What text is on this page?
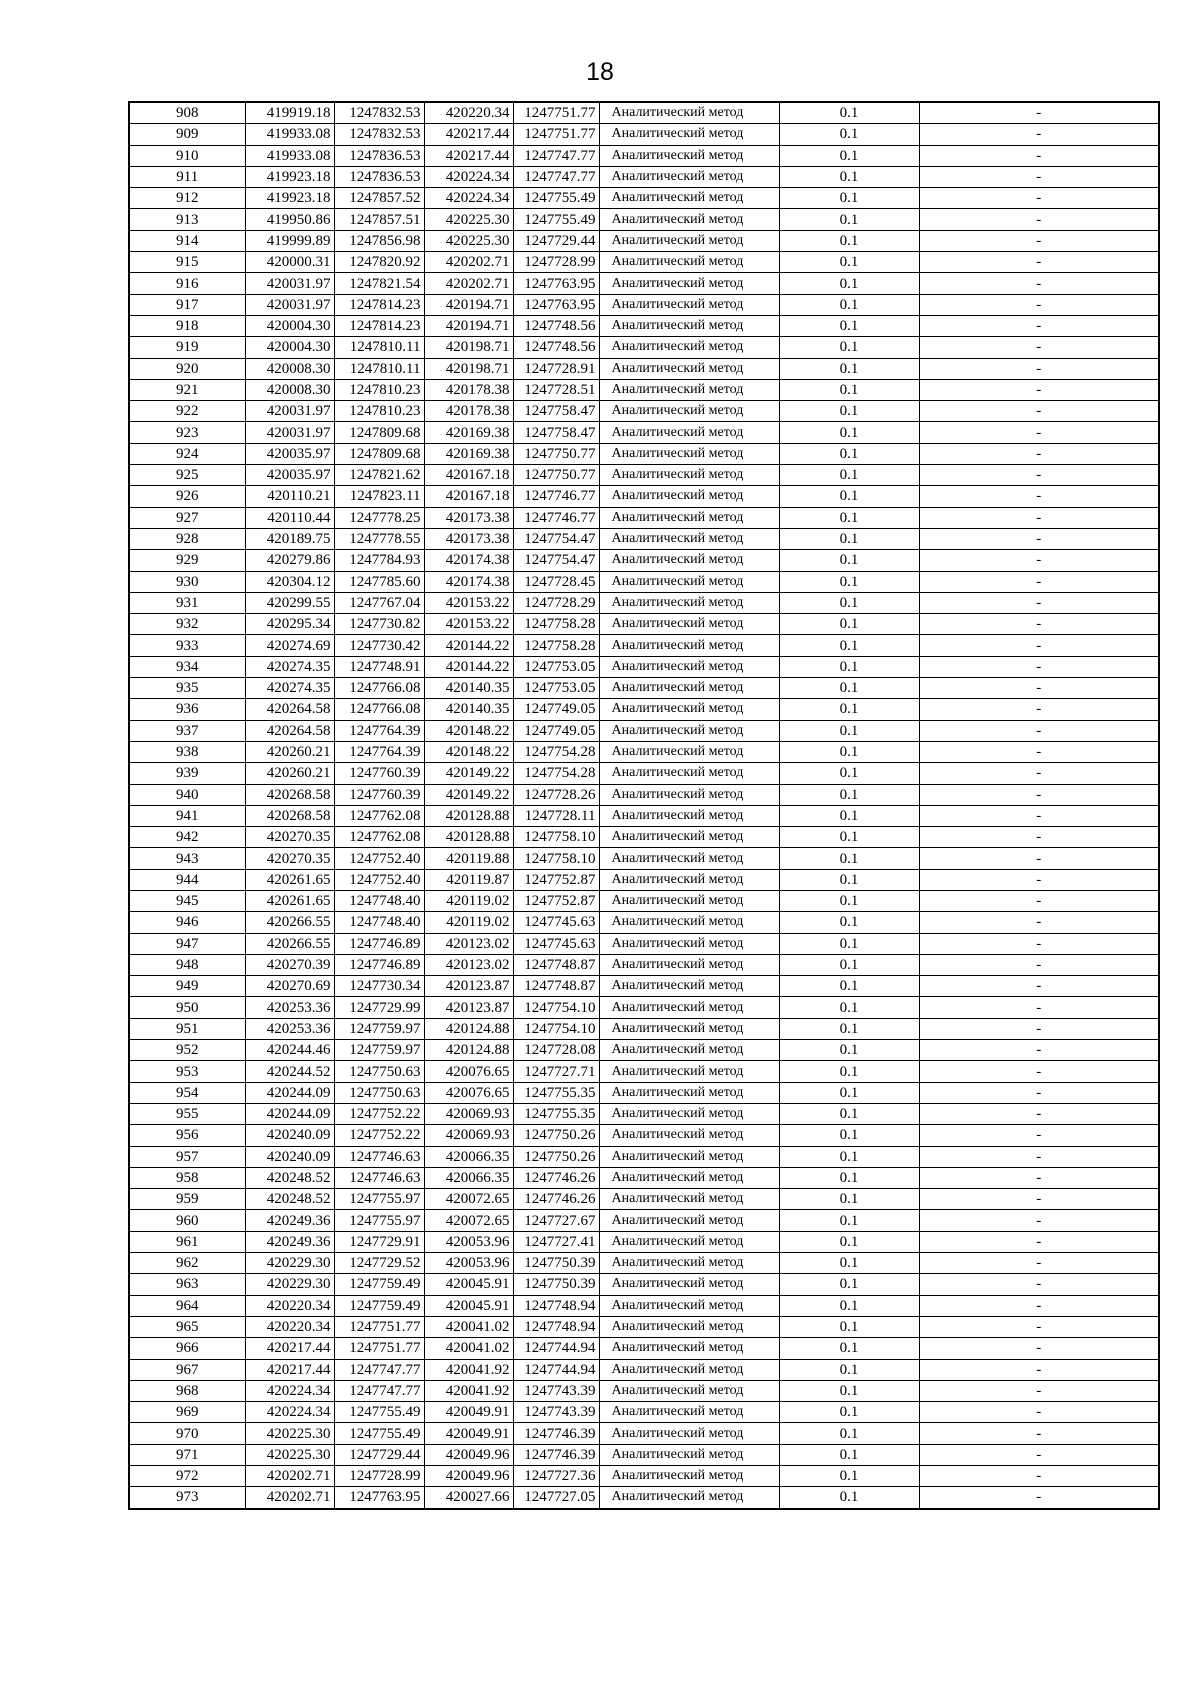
18
908	419919.18	1247832.53	420220.34	1247751.77	Аналитический метод	0.1	-
909	419933.08	1247832.53	420217.44	1247751.77	Аналитический метод	0.1	-
910	419933.08	1247836.53	420217.44	1247747.77	Аналитический метод	0.1	-
911	419923.18	1247836.53	420224.34	1247747.77	Аналитический метод	0.1	-
912	419923.18	1247857.52	420224.34	1247755.49	Аналитический метод	0.1	-
913	419950.86	1247857.51	420225.30	1247755.49	Аналитический метод	0.1	-
914	419999.89	1247856.98	420225.30	1247729.44	Аналитический метод	0.1	-
915	420000.31	1247820.92	420202.71	1247728.99	Аналитический метод	0.1	-
916	420031.97	1247821.54	420202.71	1247763.95	Аналитический метод	0.1	-
917	420031.97	1247814.23	420194.71	1247763.95	Аналитический метод	0.1	-
918	420004.30	1247814.23	420194.71	1247748.56	Аналитический метод	0.1	-
919	420004.30	1247810.11	420198.71	1247748.56	Аналитический метод	0.1	-
920	420008.30	1247810.11	420198.71	1247728.91	Аналитический метод	0.1	-
921	420008.30	1247810.23	420178.38	1247728.51	Аналитический метод	0.1	-
922	420031.97	1247810.23	420178.38	1247758.47	Аналитический метод	0.1	-
923	420031.97	1247809.68	420169.38	1247758.47	Аналитический метод	0.1	-
924	420035.97	1247809.68	420169.38	1247750.77	Аналитический метод	0.1	-
925	420035.97	1247821.62	420167.18	1247750.77	Аналитический метод	0.1	-
926	420110.21	1247823.11	420167.18	1247746.77	Аналитический метод	0.1	-
927	420110.44	1247778.25	420173.38	1247746.77	Аналитический метод	0.1	-
928	420189.75	1247778.55	420173.38	1247754.47	Аналитический метод	0.1	-
929	420279.86	1247784.93	420174.38	1247754.47	Аналитический метод	0.1	-
930	420304.12	1247785.60	420174.38	1247728.45	Аналитический метод	0.1	-
931	420299.55	1247767.04	420153.22	1247728.29	Аналитический метод	0.1	-
932	420295.34	1247730.82	420153.22	1247758.28	Аналитический метод	0.1	-
933	420274.69	1247730.42	420144.22	1247758.28	Аналитический метод	0.1	-
934	420274.35	1247748.91	420144.22	1247753.05	Аналитический метод	0.1	-
935	420274.35	1247766.08	420140.35	1247753.05	Аналитический метод	0.1	-
936	420264.58	1247766.08	420140.35	1247749.05	Аналитический метод	0.1	-
937	420264.58	1247764.39	420148.22	1247749.05	Аналитический метод	0.1	-
938	420260.21	1247764.39	420148.22	1247754.28	Аналитический метод	0.1	-
939	420260.21	1247760.39	420149.22	1247754.28	Аналитический метод	0.1	-
940	420268.58	1247760.39	420149.22	1247728.26	Аналитический метод	0.1	-
941	420268.58	1247762.08	420128.88	1247728.11	Аналитический метод	0.1	-
942	420270.35	1247762.08	420128.88	1247758.10	Аналитический метод	0.1	-
943	420270.35	1247752.40	420119.88	1247758.10	Аналитический метод	0.1	-
944	420261.65	1247752.40	420119.87	1247752.87	Аналитический метод	0.1	-
945	420261.65	1247748.40	420119.02	1247752.87	Аналитический метод	0.1	-
946	420266.55	1247748.40	420119.02	1247745.63	Аналитический метод	0.1	-
947	420266.55	1247746.89	420123.02	1247745.63	Аналитический метод	0.1	-
948	420270.39	1247746.89	420123.02	1247748.87	Аналитический метод	0.1	-
949	420270.69	1247730.34	420123.87	1247748.87	Аналитический метод	0.1	-
950	420253.36	1247729.99	420123.87	1247754.10	Аналитический метод	0.1	-
951	420253.36	1247759.97	420124.88	1247754.10	Аналитический метод	0.1	-
952	420244.46	1247759.97	420124.88	1247728.08	Аналитический метод	0.1	-
953	420244.52	1247750.63	420076.65	1247727.71	Аналитический метод	0.1	-
954	420244.09	1247750.63	420076.65	1247755.35	Аналитический метод	0.1	-
955	420244.09	1247752.22	420069.93	1247755.35	Аналитический метод	0.1	-
956	420240.09	1247752.22	420069.93	1247750.26	Аналитический метод	0.1	-
957	420240.09	1247746.63	420066.35	1247750.26	Аналитический метод	0.1	-
958	420248.52	1247746.63	420066.35	1247746.26	Аналитический метод	0.1	-
959	420248.52	1247755.97	420072.65	1247746.26	Аналитический метод	0.1	-
960	420249.36	1247755.97	420072.65	1247727.67	Аналитический метод	0.1	-
961	420249.36	1247729.91	420053.96	1247727.41	Аналитический метод	0.1	-
962	420229.30	1247729.52	420053.96	1247750.39	Аналитический метод	0.1	-
963	420229.30	1247759.49	420045.91	1247750.39	Аналитический метод	0.1	-
964	420220.34	1247759.49	420045.91	1247748.94	Аналитический метод	0.1	-
965	420220.34	1247751.77	420041.02	1247748.94	Аналитический метод	0.1	-
966	420217.44	1247751.77	420041.02	1247744.94	Аналитический метод	0.1	-
967	420217.44	1247747.77	420041.92	1247744.94	Аналитический метод	0.1	-
968	420224.34	1247747.77	420041.92	1247743.39	Аналитический метод	0.1	-
969	420224.34	1247755.49	420049.91	1247743.39	Аналитический метод	0.1	-
970	420225.30	1247755.49	420049.91	1247746.39	Аналитический метод	0.1	-
971	420225.30	1247729.44	420049.96	1247746.39	Аналитический метод	0.1	-
972	420202.71	1247728.99	420049.96	1247727.36	Аналитический метод	0.1	-
973	420202.71	1247763.95	420027.66	1247727.05	Аналитический метод	0.1	-
